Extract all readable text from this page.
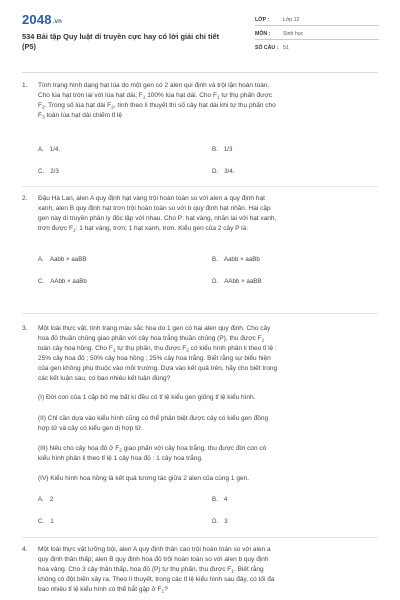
2048.vn
534 Bài tập Quy luật di truyền cực hay có lời giải chi tiết (P5)
LỚP :	Lớp 12
MÔN : Sinh học
SỐ CÂU : 51
1. Tính trạng hình dạng hạt lúa do một gen có 2 alen qui định và trội lặn hoàn toàn.
Cho lúa hạt tròn lai với lúa hạt dài, $F_1$ 100% lúa hạt dài. Cho $F_1$ tự thụ phấn được
$F_2$. Trong số lúa hạt dài $F_2$, tính theo lí thuyết thì số cây hạt dài khi tự thụ phấn cho
$F_3$ toàn lúa hạt dài chiếm tỉ lệ
A. 1/4.	B. 1/3
C. 2/3	D. 3/4.
2. Đậu Hà Lan, alen A quy định hạt vàng trội hoàn toàn so với alen a quy định hạt
xanh, alen B quy định hạt trơn trội hoàn toàn so với b quy định hạt nhăn. Hai cặp
gen này di truyền phân ly độc lập với nhau. Cho P: hạt vàng, nhăn lai với hạt xanh,
trơn được $F_1$: 1 hạt vàng, trơn; 1 hạt xanh, trơn. Kiểu gen của 2 cây P là:
A. Aabb × aaBB	B. Aabb × aaBb
C. AAbb × aaBb	D. AAbb × aaBB
3. Một loài thực vật, tính trạng màu sắc hoa do 1 gen có hai alen quy định. Cho cây
hoa đỏ thuần chủng giao phấn với cây hoa trắng thuần chủng (P), thu được $F_1$
toàn cây hoa hồng. Cho $F_1$ tự thụ phấn, thu được $F_2$ có kiểu hình phân li theo tỉ lệ :
25% cây hoa đỏ ; 50% cây hoa hồng ; 25% cây hoa trắng. Biết rằng sự biểu hiện
của gen không phụ thuộc vào môi trường. Dựa vào kết quả trên, hãy cho biết trong
các kết luận sau, có bao nhiêu kết luận đúng?
(I) Đời con của 1 cặp bố mẹ bất kì đều có tỉ lệ kiểu gen giống tỉ lệ kiểu hình.
(II) Chỉ cần dựa vào kiểu hình cũng có thể phân biệt được cây có kiểu gen đồng
hợp tử và cây có kiểu gen dị hợp tử.
(III) Nếu cho cây hoa đỏ ở $F_2$ giao phấn với cây hoa trắng, thu được đời con có
kiểu hình phân li theo tỉ lệ 1 cây hoa đỏ : 1 cây hoa trắng.
(IV) Kiểu hình hoa hồng là kết quả tương tác giữa 2 alen của cùng 1 gen.
A. 2	B. 4
C. 1	D. 3
4. Một loài thực vật lưỡng bội, alen A quy định thân cao trội hoàn toàn so với alen a
quy định thân thấp; alen B quy định hoa đỏ trội hoàn toàn so với alen b quy định
hoa vàng. Cho 3 cây thân thấp, hoa đỏ (P) tự thụ phấn, thu được $F_1$. Biết rằng
không có đột biến xảy ra. Theo lí thuyết, trong các tỉ lệ kiểu hình sau đây, có tối đa
bao nhiêu tỉ lệ kiểu hình có thể bắt gặp ở $F_1$?
